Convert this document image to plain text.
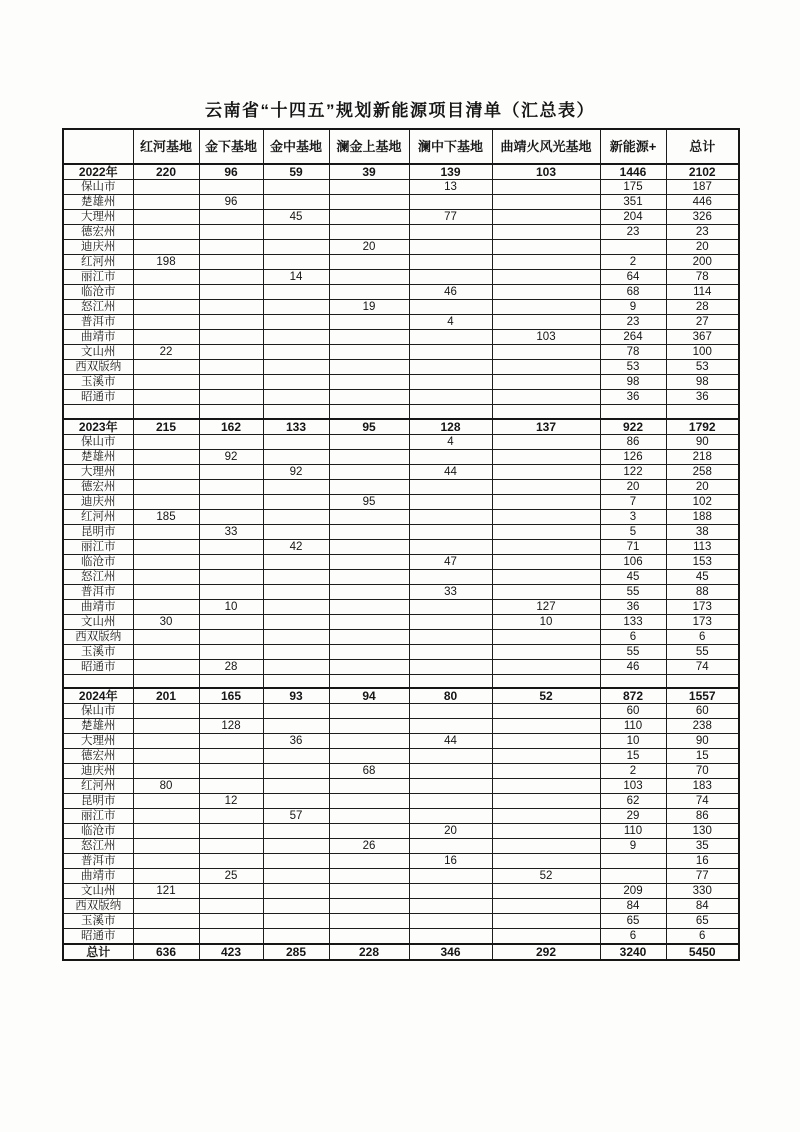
云南省“十四五”规划新能源项目清单（汇总表）
	红河基地	金下基地	金中基地	澜金上基地	澜中下基地	曲靖火风光基地	新能源+	总计
2022年	220	96	59	39	139	103	1446	2102
保山市					13		175	187
楚雄州		96					351	446
大理州			45		77		204	326
德宏州							23	23
迪庆州				20				20
红河州	198						2	200
丽江市			14				64	78
临沧市					46		68	114
怒江州				19			9	28
普洱市					4		23	27
曲靖市						103	264	367
文山州	22						78	100
西双版纳							53	53
玉溪市							98	98
昭通市							36	36

2023年	215	162	133	95	128	137	922	1792
保山市					4		86	90
楚雄州		92					126	218
大理州			92		44		122	258
德宏州							20	20
迪庆州				95			7	102
红河州	185						3	188
昆明市		33					5	38
丽江市			42				71	113
临沧市					47		106	153
怒江州							45	45
普洱市					33		55	88
曲靖市		10				127	36	173
文山州	30					10	133	173
西双版纳							6	6
玉溪市							55	55
昭通市		28					46	74

2024年	201	165	93	94	80	52	872	1557
保山市							60	60
楚雄州		128					110	238
大理州			36		44		10	90
德宏州							15	15
迪庆州				68			2	70
红河州	80						103	183
昆明市		12					62	74
丽江市			57				29	86
临沧市					20		110	130
怒江州				26			9	35
普洱市					16			16
曲靖市		25				52		77
文山州	121						209	330
西双版纳							84	84
玉溪市							65	65
昭通市							6	6
总计	636	423	285	228	346	292	3240	5450
